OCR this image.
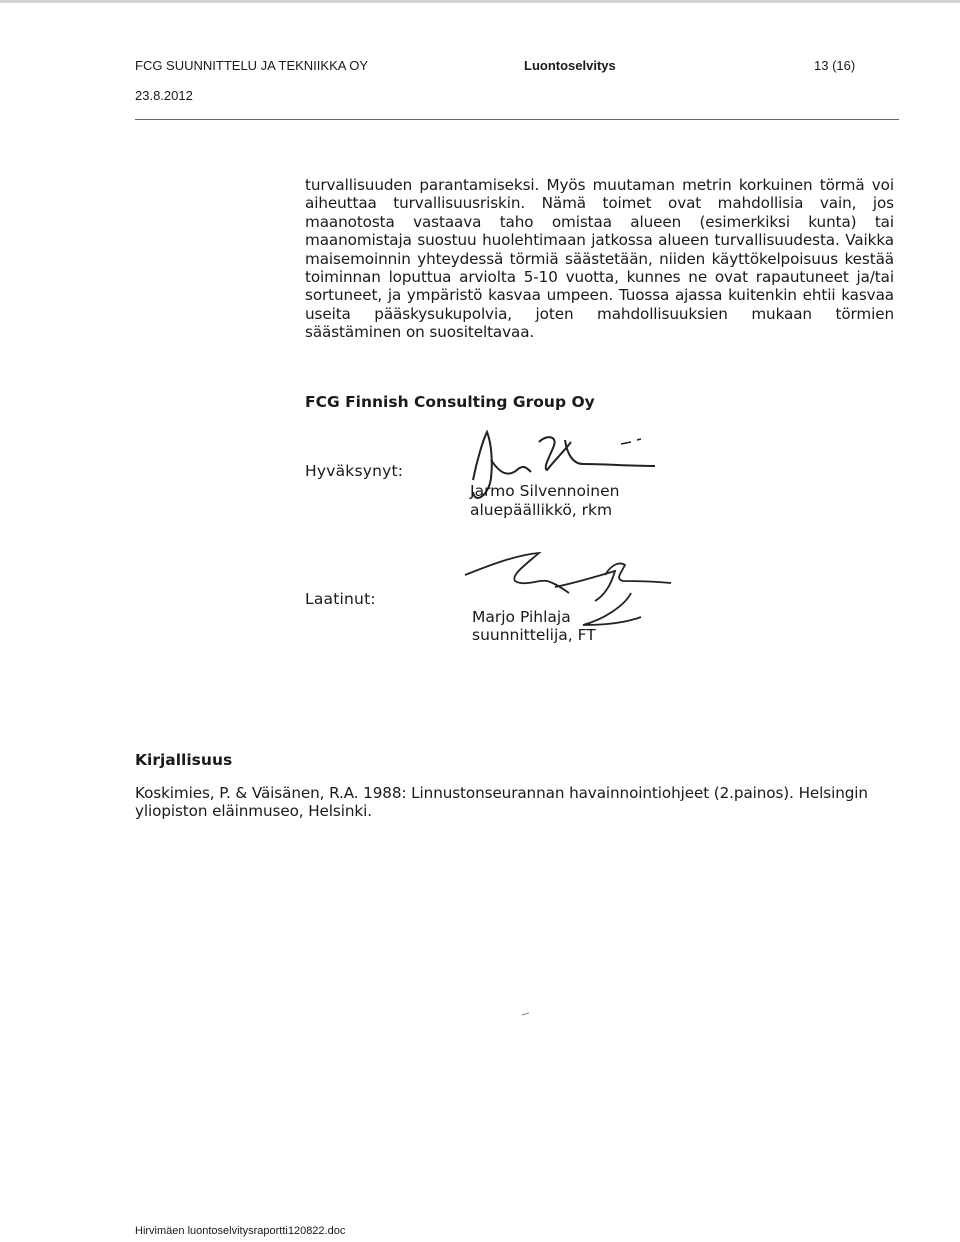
FCG SUUNNITTELU JA TEKNIIKKA OY	Luontoselvitys	13 (16)
23.8.2012
turvallisuuden parantamiseksi. Myös muutaman metrin korkuinen törmä voi aiheuttaa turvallisuusriskin. Nämä toimet ovat mahdollisia vain, jos maanotosta vastaava taho omistaa alueen (esimerkiksi kunta) tai maanomistaja suostuu huolehtimaan jatkossa alueen turvallisuudesta. Vaikka maisemoinnin yhteydessä törmiä säästetään, niiden käyttökelpoisuus kestää toiminnan loputtua arviolta 5-10 vuotta, kunnes ne ovat rapautuneet ja/tai sortuneet, ja ympäristö kasvaa umpeen. Tuossa ajassa kuitenkin ehtii kasvaa useita pääskysukupolvia, joten mahdollisuuksien mukaan törmien säästäminen on suositeltavaa.
FCG Finnish Consulting Group Oy
Hyväksynyt:
Jarmo Silvennoinen
aluepäällikkö, rkm
Laatinut:
Marjo Pihlaja
suunnittelija, FT
Kirjallisuus
Koskimies, P. & Väisänen, R.A. 1988: Linnustonseurannan havainnointiohjeet (2.painos). Helsingin yliopiston eläinmuseo, Helsinki.
Hirvimäen luontoselvitysraportti120822.doc
